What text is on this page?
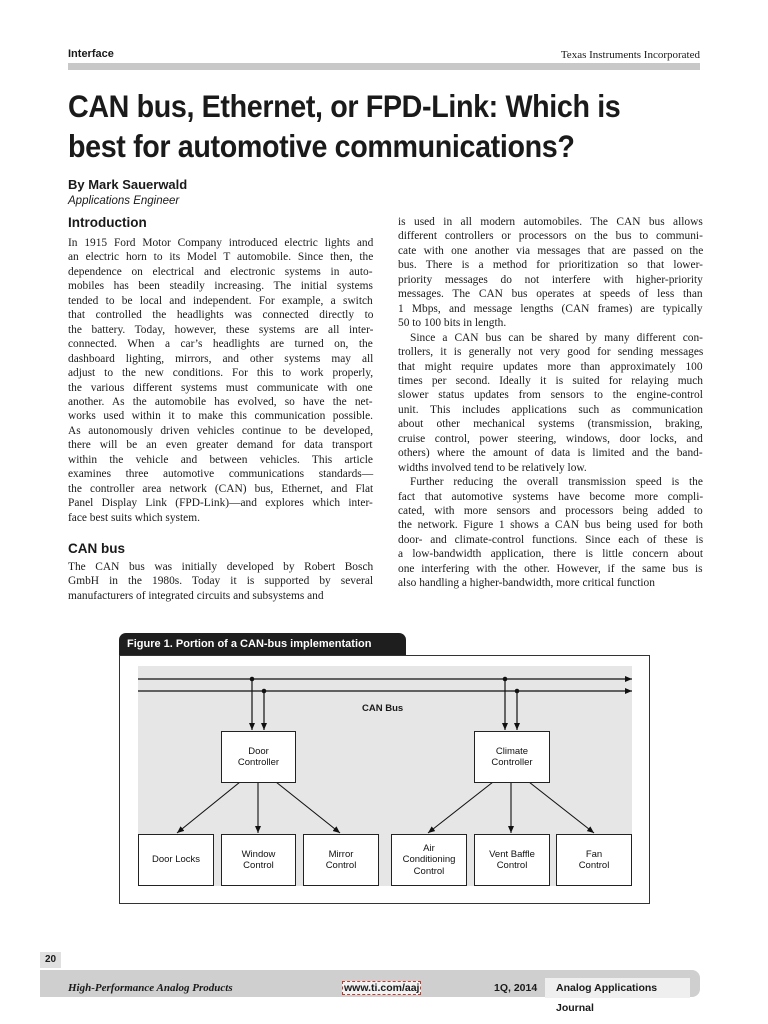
Interface	Texas Instruments Incorporated
CAN bus, Ethernet, or FPD-Link: Which is
best for automotive communications?
By Mark Sauerwald
Applications Engineer
Introduction
In 1915 Ford Motor Company introduced electric lights and
an electric horn to its Model T automobile. Since then, the
dependence on electrical and electronic systems in auto-
mobiles has been steadily increasing. The initial systems
tended to be local and independent. For example, a switch
that controlled the headlights was connected directly to
the battery. Today, however, these systems are all inter-
connected. When a car’s headlights are turned on, the
dashboard lighting, mirrors, and other systems may all
adjust to the new conditions. For this to work properly,
the various different systems must communicate with one
another. As the automobile has evolved, so have the net-
works used within it to make this communication possible.
As autonomously driven vehicles continue to be developed,
there will be an even greater demand for data transport
within the vehicle and between vehicles. This article
examines three automotive communications standards—
the controller area network (CAN) bus, Ethernet, and Flat
Panel Display Link (FPD-Link)—and explores which inter-
face best suits which system.
CAN bus
The CAN bus was initially developed by Robert Bosch
GmbH in the 1980s. Today it is supported by several
manufacturers of integrated circuits and subsystems and
is used in all modern automobiles. The CAN bus allows
different controllers or processors on the bus to communi-
cate with one another via messages that are passed on the
bus. There is a method for prioritization so that lower-
priority messages do not interfere with higher-priority
messages. The CAN bus operates at speeds of less than
1 Mbps, and message lengths (CAN frames) are typically
50 to 100 bits in length.
Since a CAN bus can be shared by many different con-
trollers, it is generally not very good for sending messages
that might require updates more than approximately 100
times per second. Ideally it is suited for relaying much
slower status updates from sensors to the engine-control
unit. This includes applications such as communication
about other mechanical systems (transmission, braking,
cruise control, power steering, windows, door locks, and
others) where the amount of data is limited and the band-
widths involved tend to be relatively low.
Further reducing the overall transmission speed is the
fact that automotive systems have become more compli-
cated, with more sensors and processors being added to
the network. Figure 1 shows a CAN bus being used for both
door- and climate-control functions. Since each of these is
a low-bandwidth application, there is little concern about
one interfering with the other. However, if the same bus is
also handling a higher-bandwidth, more critical function
Figure 1. Portion of a CAN-bus implementation
CAN Bus
Door
Controller
Climate
Controller
Door Locks
Window
Control
Mirror
Control
Air
Conditioning
Control
Vent Baffle
Control
Fan
Control
20
High-Performance Analog Products	www.ti.com/aaj	1Q, 2014	Analog Applications Journal
